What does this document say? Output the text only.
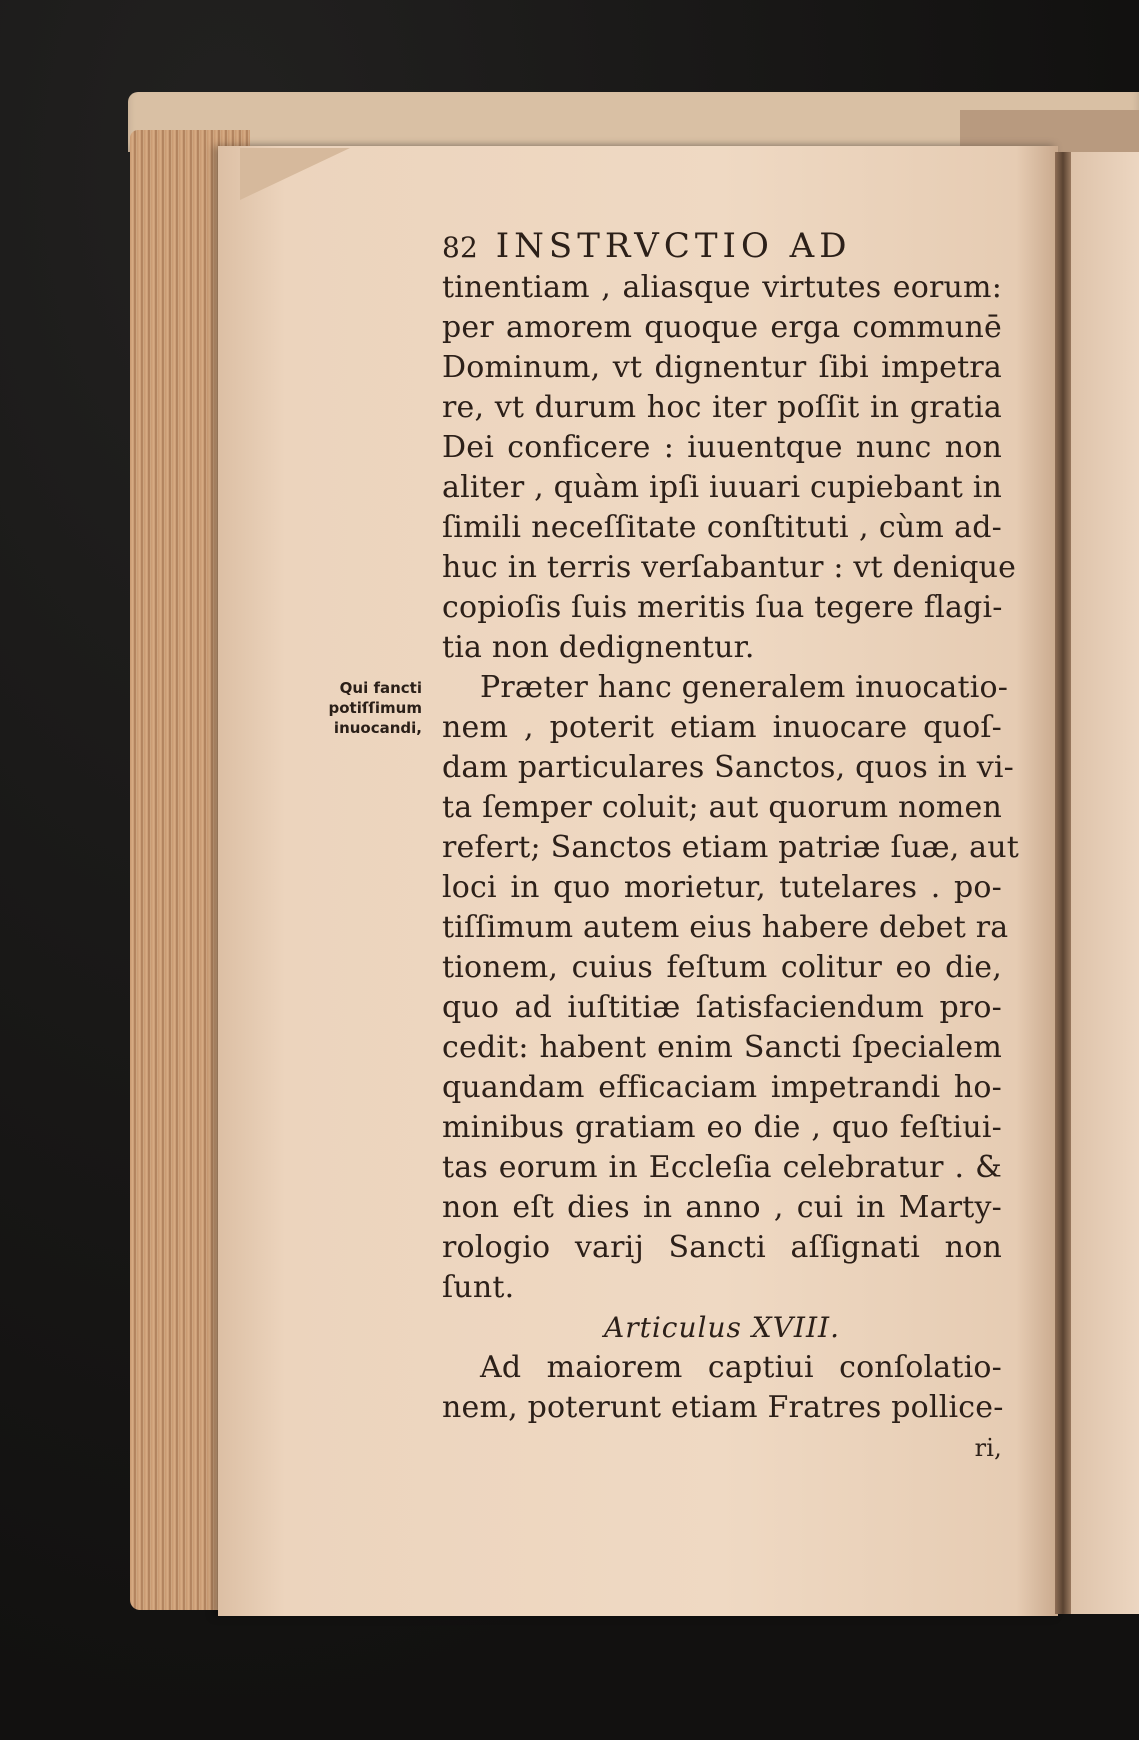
Qui fancti
potiſſimum
inuocandi,
82 INSTRVCTIO AD
tinentiam , aliasque virtutes eorum:
per amorem quoque erga communē
Dominum, vt dignentur ſibi impetra
re, vt durum hoc iter poſſit in gratia
Dei conficere : iuuentque nunc non
aliter , quàm ipſi iuuari cupiebant in
ſimili neceſſitate conſtituti , cùm ad-
huc in terris verſabantur : vt denique
copioſis ſuis meritis ſua tegere flagi-
tia non dedignentur.
Præter hanc generalem inuocatio-
nem , poterit etiam inuocare quoſ-
dam particulares Sanctos, quos in vi-
ta ſemper coluit; aut quorum nomen
refert; Sanctos etiam patriæ ſuæ, aut
loci in quo morietur, tutelares . po-
tiſſimum autem eius habere debet ra
tionem, cuius feſtum colitur eo die,
quo ad iuſtitiæ ſatisfaciendum pro-
cedit: habent enim Sancti ſpecialem
quandam efficaciam impetrandi ho-
minibus gratiam eo die , quo feſtiui-
tas eorum in Eccleſia celebratur . &
non eſt dies in anno , cui in Marty-
rologio varij Sancti aſſignati non
ſunt.
Articulus XVIII.
Ad maiorem captiui conſolatio-
nem, poterunt etiam Fratres pollice-
ri,
